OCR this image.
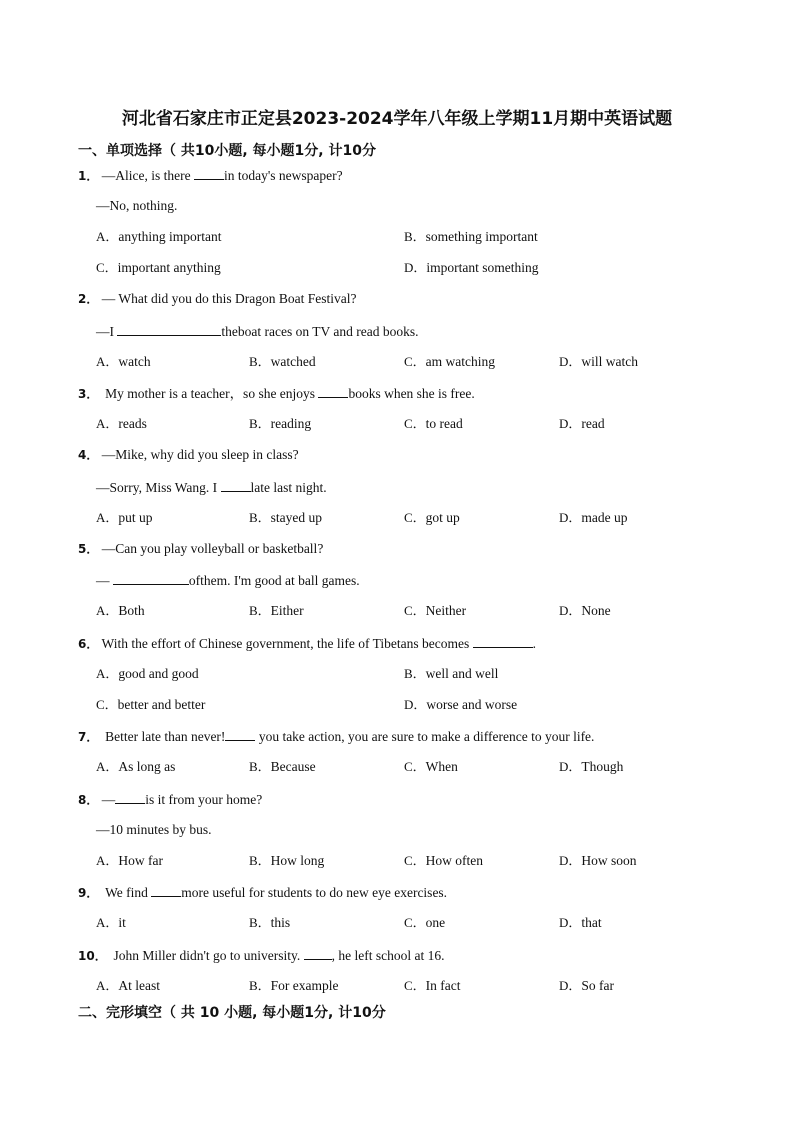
河北省石家庄市正定县2023-2024学年八年级上学期11月期中英语试题
一、单项选择（ 共10小题, 每小题1分, 计10分
1． —Alice, is there in today's newspaper?
—No, nothing.
A．anything important	B．something important
C．important anything	D．important something
2． — What did you do this Dragon Boat Festival?
—I	theboat races on TV and read books.
A．watch	B．watched	C．am watching	D．will watch
3． My mother is a teacher，so she enjoys books when she is free.
A．reads	B．reading	C．to read	D．read
4． —Mike, why did you sleep in class?
—Sorry, Miss Wang. I late last night.
A．put up	B．stayed up	C．got up	D．made up
5． —Can you play volleyball or basketball?
—	ofthem. I'm good at ball games.
A．Both	B．Either	C．Neither	D．None
6． With the effort of Chinese government, the life of Tibetans becomes	.
A．good and good	B．well and well
C．better and better	D．worse and worse
7． Better late than never! you take action, you are sure to make a difference to your life.
A．As long as	B．Because	C．When	D．Though
8． — is it from your home?
—10 minutes by bus.
A．How far	B．How long	C．How often	D．How soon
9． We find more useful for students to do new eye exercises.
A．it	B．this	C．one	D．that
10． John Miller didn't go to university. , he left school at 16.
A．At least	B．For example	C．In fact	D．So far
二、完形填空（ 共 10 小题, 每小题1分, 计10分
